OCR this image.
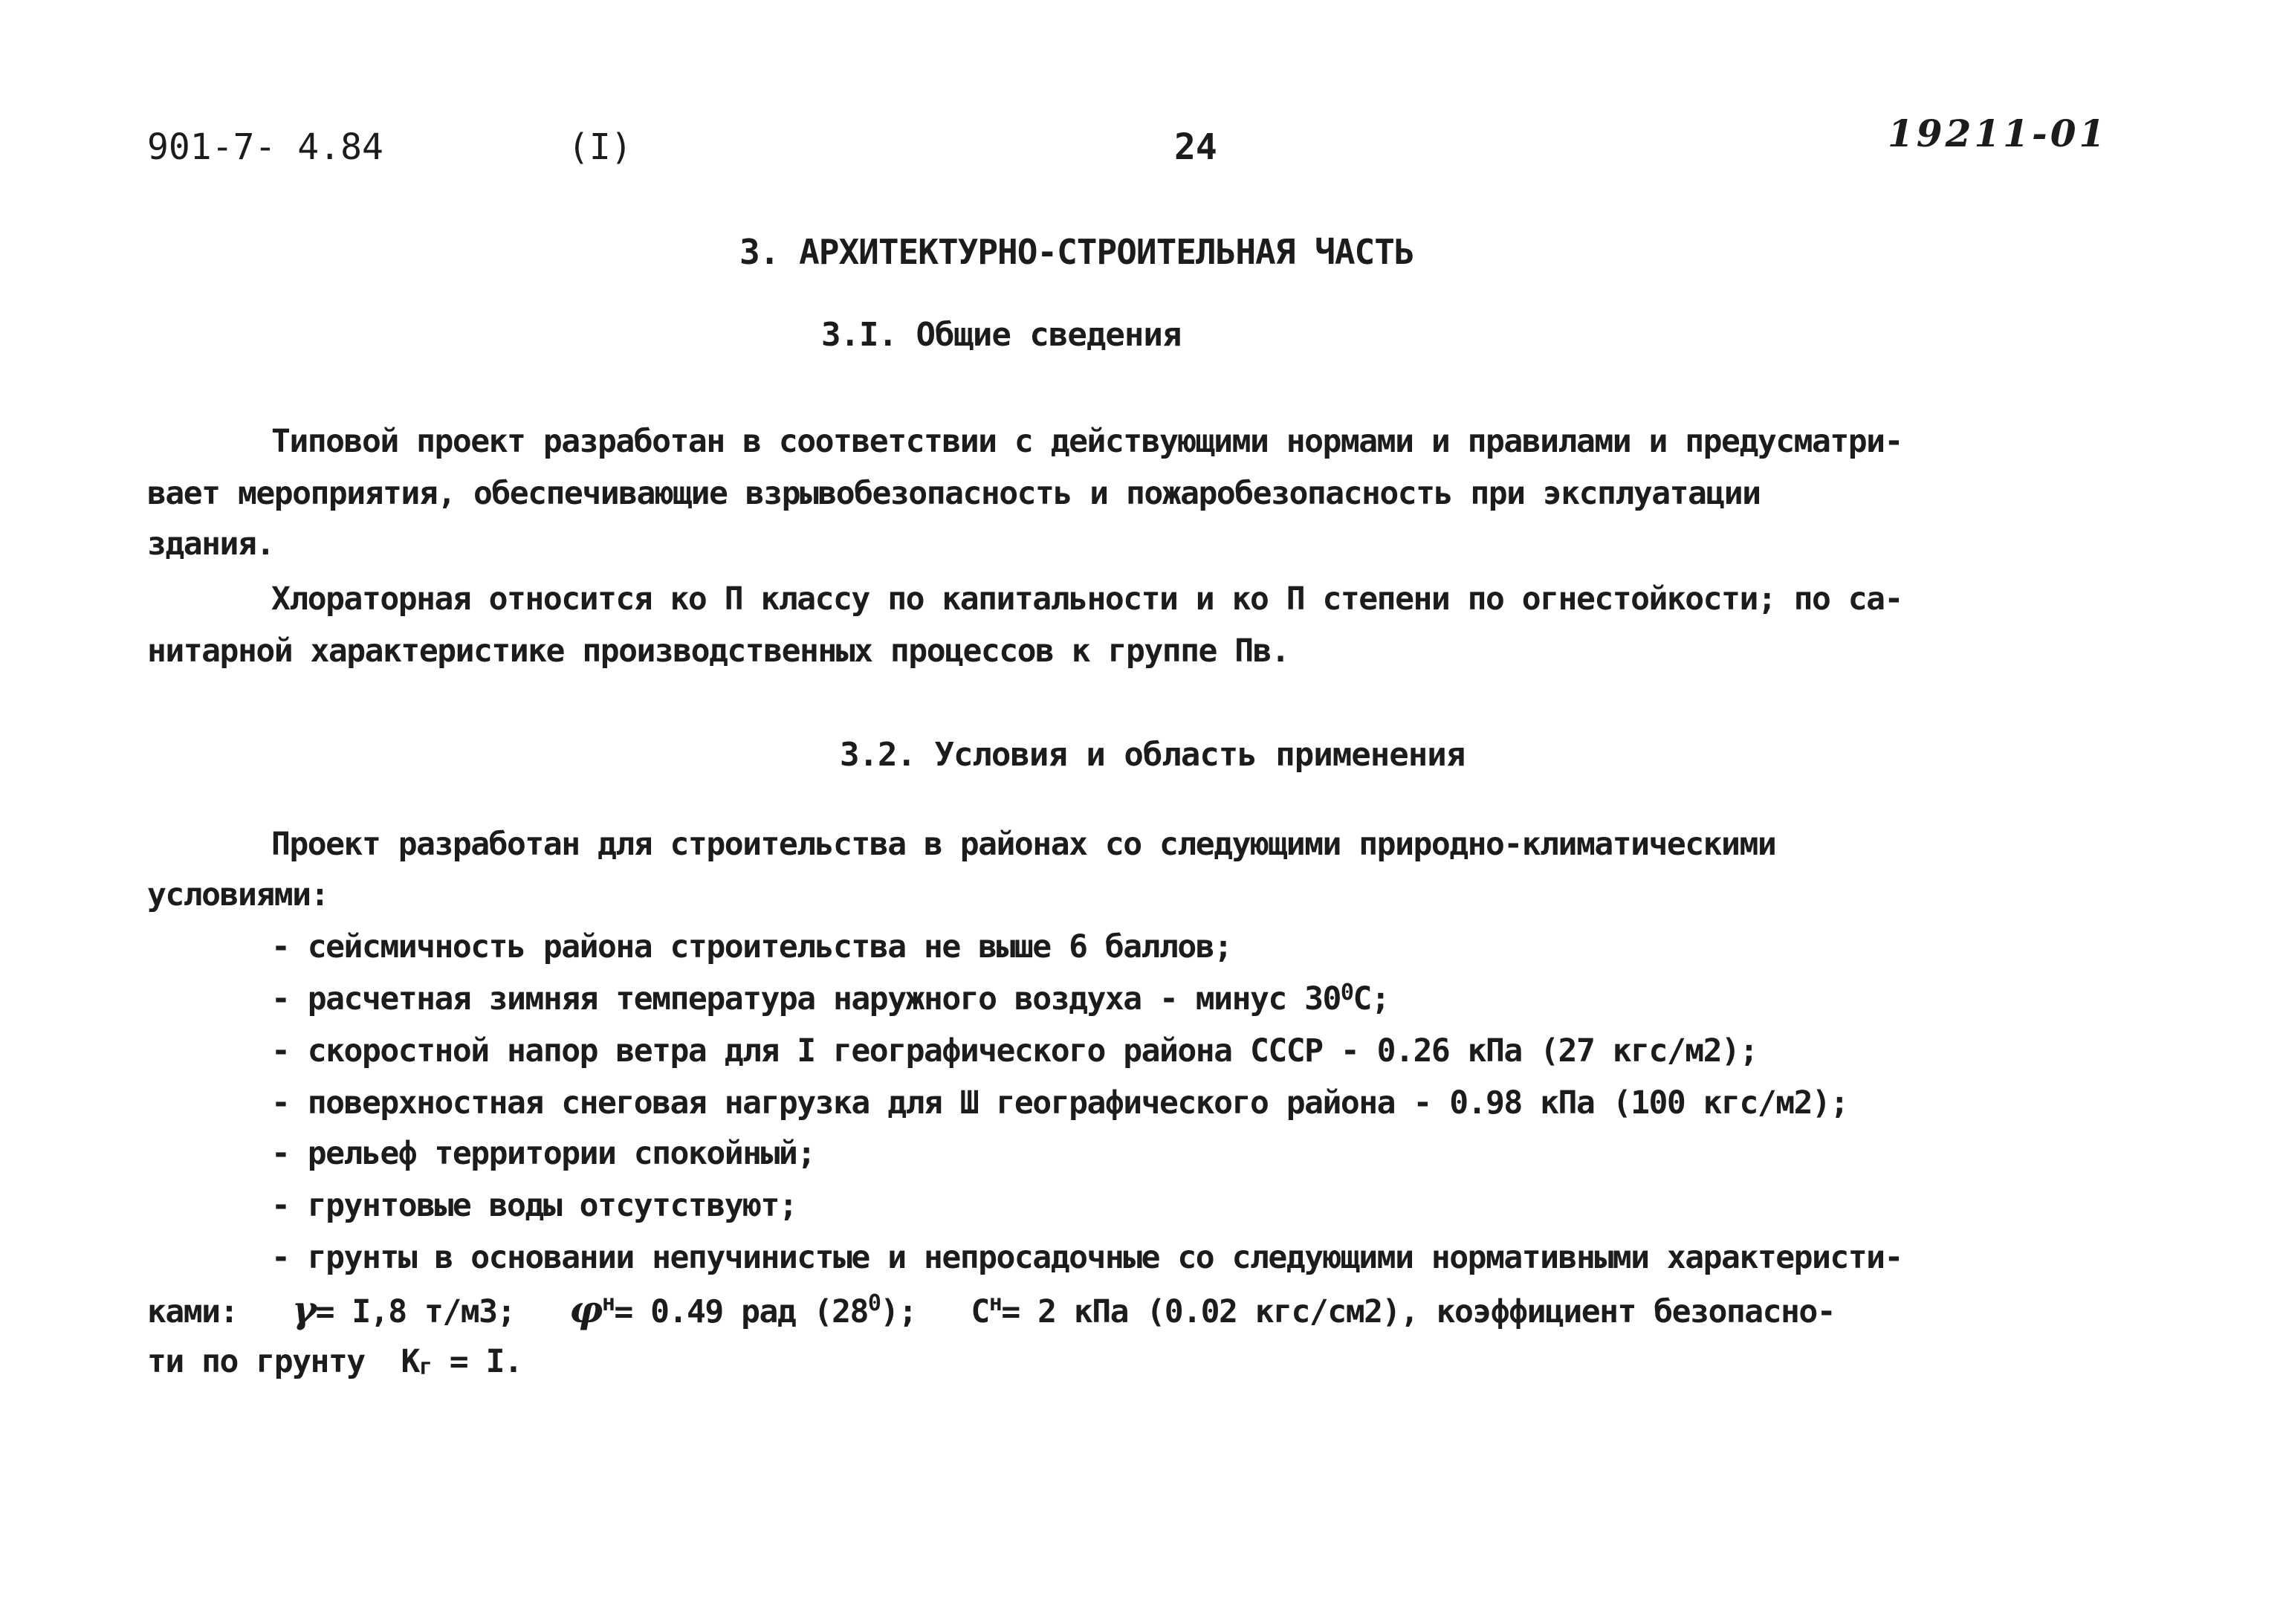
901-7- 4.84	(I)	24	19211-01
3. АРХИТЕКТУРНО-СТРОИТЕЛЬНАЯ ЧАСТЬ
3.I. Общие сведения
Типовой проект разработан в соответствии с действующими нормами и правилами и предусматри-
вает мероприятия, обеспечивающие взрывобезопасность и пожаробезопасность при эксплуатации
здания.
Хлораторная относится ко П классу по капитальности и ко П степени по огнестойкости; по са-
нитарной характеристике производственных процессов к группе Пв.
3.2. Условия и область применения
Проект разработан для строительства в районах со следующими природно-климатическими
условиями:
- сейсмичность района строительства не выше 6 баллов;
- расчетная зимняя температура наружного воздуха - минус $30^0С$;
- скоростной напор ветра для I географического района СССР - 0.26 кПа (27 кгс/м2);
- поверхностная снеговая нагрузка для Ш географического района - 0.98 кПа (100 кгс/м2);
- рельеф территории спокойный;
- грунтовые воды отсутствуют;
- грунты в основании непучинистые и непросадочные со следующими нормативными характеристи-
ками: γ= I,8 т/м3; $\varphi^н= 0.49$ рад $(28^0)$; $С^н= 2$ кПа (0.02 кгс/см2), коэффициент безопасно-
ти по грунту $К_г = I$.
